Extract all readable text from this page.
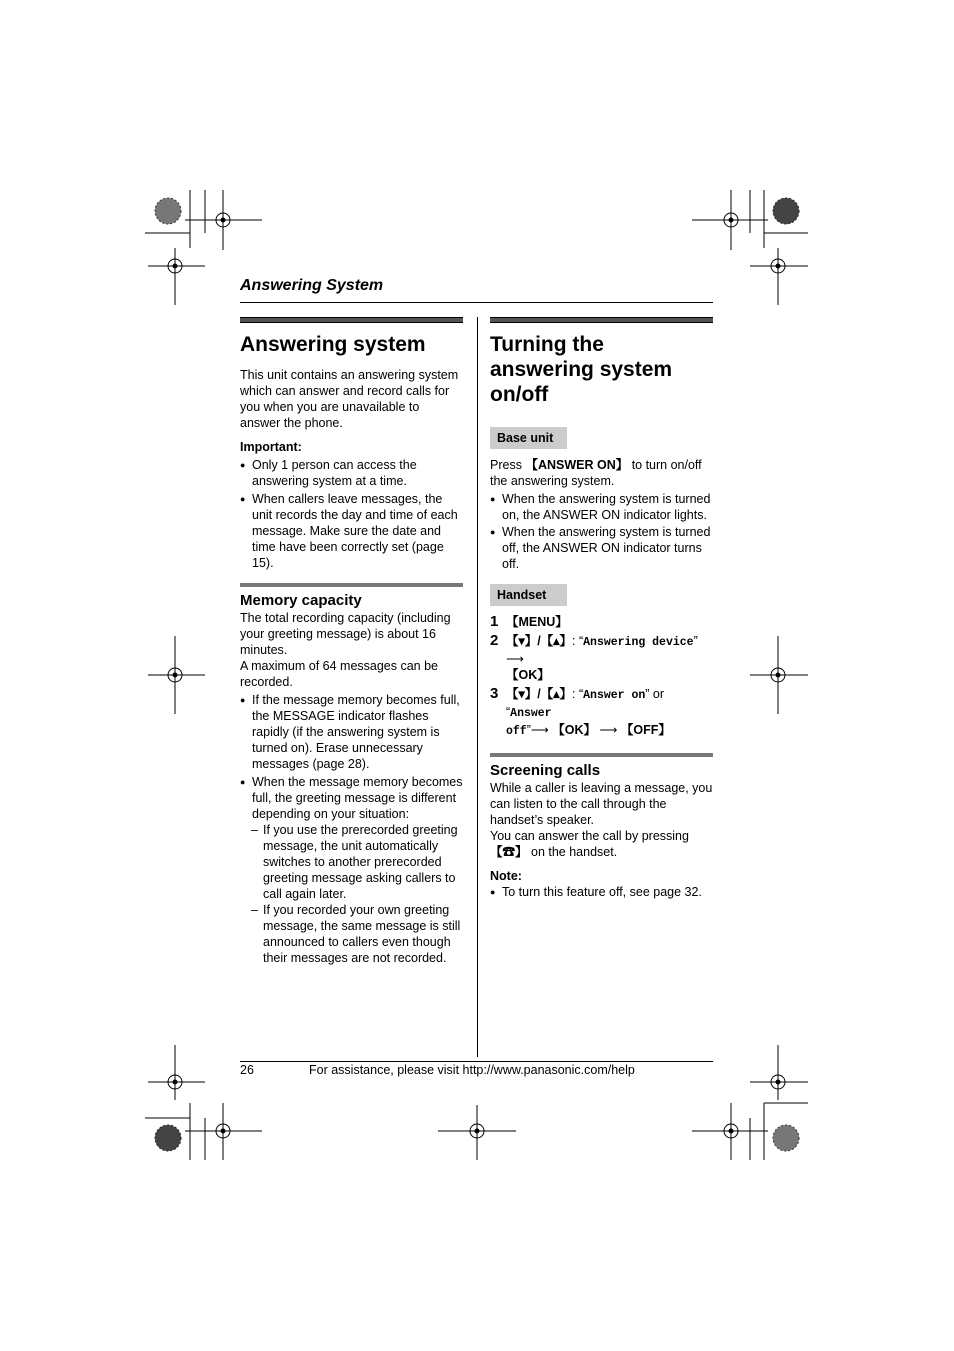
Answering System
Answering system

This unit contains an answering system which can answer and record calls for you when you are unavailable to answer the phone.

Important:

● Only 1 person can access the answering system at a time.
● When callers leave messages, the unit records the day and time of each message. Make sure the date and time have been correctly set (page 15).
Memory capacity

The total recording capacity (including your greeting message) is about 16 minutes.

A maximum of 64 messages can be recorded.

● If the message memory becomes full, the MESSAGE indicator flashes rapidly (if the answering system is turned on). Erase unnecessary messages (page 28).
● When the message memory becomes full, the greeting message is different depending on your situation:
– If you use the prerecorded greeting message, the unit automatically switches to another prerecorded greeting message asking callers to call again later.
– If you recorded your own greeting message, the same message is still announced to callers even though their messages are not recorded.
Turning the answering system on/off
Base unit

Press 【ANSWER ON】 to turn on/off the answering system.

● When the answering system is turned on, the ANSWER ON indicator lights.
● When the answering system is turned off, the ANSWER ON indicator turns off.
Handset
1 【MENU】
2 【▾】/【▴】: “Answering device” ⟶
【OK】
3 【▾】/【▴】: “Answer on” or “Answer
off”⟶ 【OK】 ⟶ 【OFF】
Screening calls

While a caller is leaving a message, you can listen to the call through the handset’s speaker.

You can answer the call by pressing
【☎】 on the handset.

Note:

● To turn this feature off, see page 32.
26	For assistance, please visit http://www.panasonic.com/help
